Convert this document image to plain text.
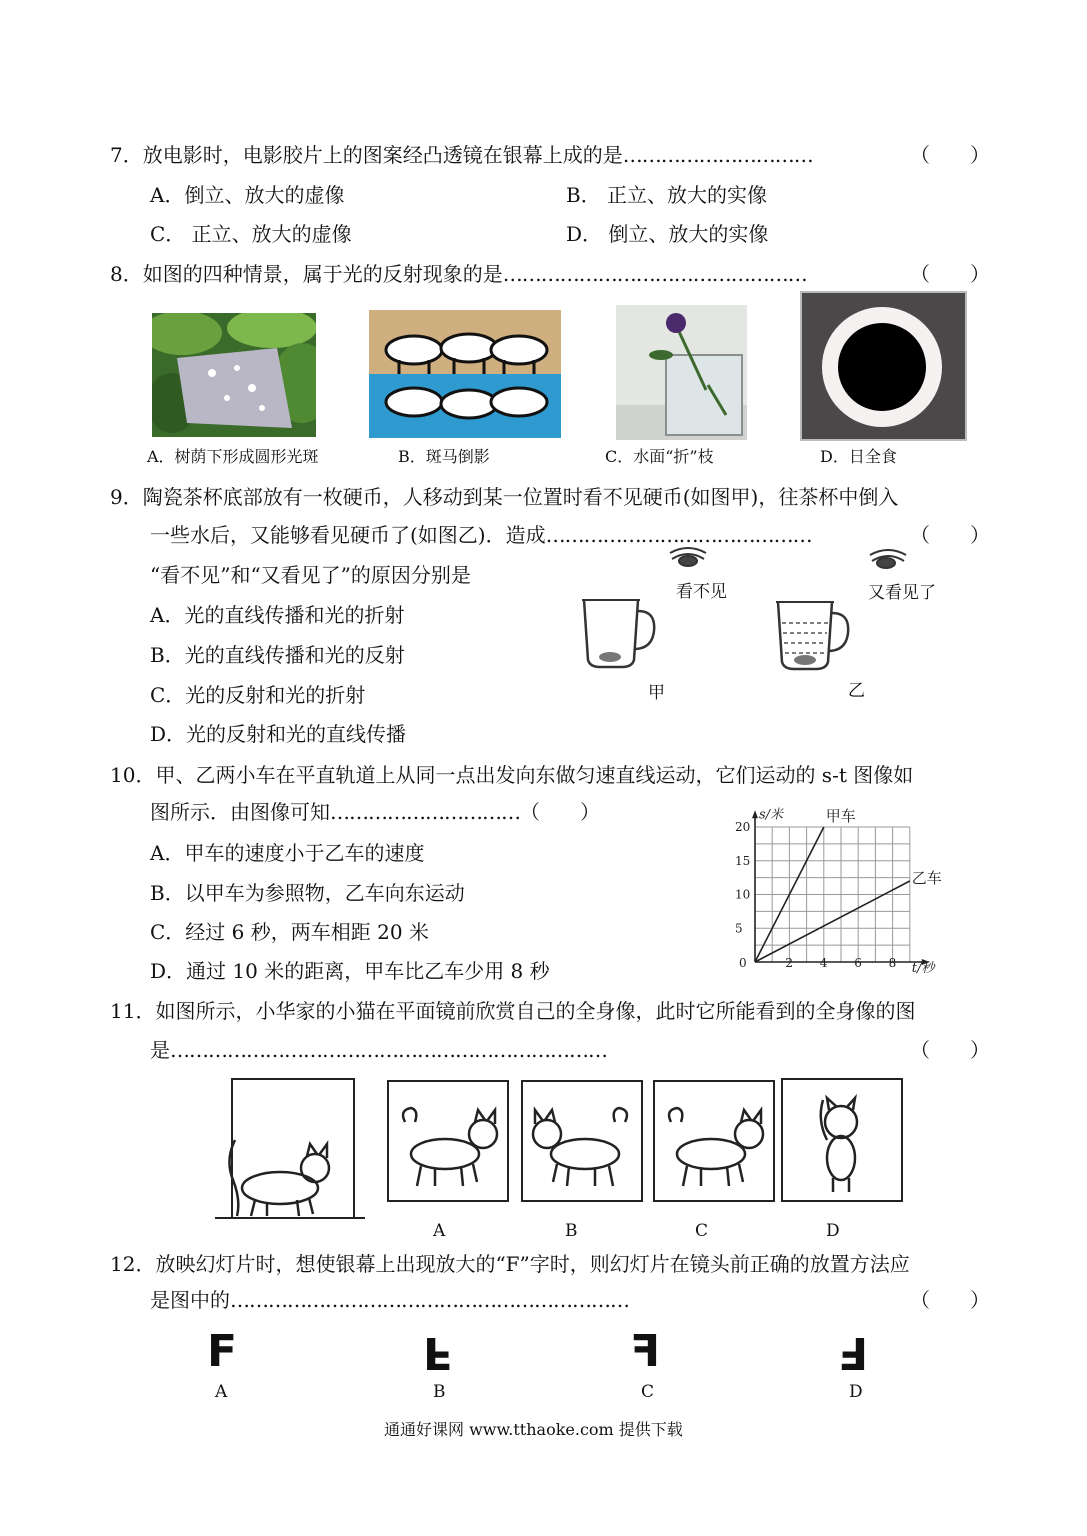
7．放电影时，电影胶片上的图案经凸透镜在银幕上成的是…………………………	（　　）
A．倒立、放大的虚像	B． 正立、放大的实像
C． 正立、放大的虚像	D． 倒立、放大的实像
8．如图的四种情景，属于光的反射现象的是…………………………………………	（　　）
A．树荫下形成圆形光斑	B．斑马倒影	C．水面“折”枝	D．日全食
9．陶瓷茶杯底部放有一枚硬币，人移动到某一位置时看不见硬币(如图甲)，往茶杯中倒入
一些水后，又能够看见硬币了(如图乙)．造成……………………………………	（　　）
“看不见”和“又看见了”的原因分别是
A．光的直线传播和光的折射
B．光的直线传播和光的反射
C．光的反射和光的折射
D．光的反射和光的直线传播
看不见	又看见了
甲	乙
10．甲、乙两小车在平直轨道上从同一点出发向东做匀速直线运动，它们运动的 s-t 图像如
图所示．由图像可知…………………………（　　）
A．甲车的速度小于乙车的速度
B．以甲车为参照物，乙车向东运动
C．经过 6 秒，两车相距 20 米
D．通过 10 米的距离，甲车比乙车少用 8 秒	0	2 4 6 8
5
10
15
20
s/米
t/秒
甲车
乙车
11．如图所示，小华家的小猫在平面镜前欣赏自己的全身像，此时它所能看到的全身像的图
是……………………………………………………………	（　　）
A	B	C	D
12．放映幻灯片时，想使银幕上出现放大的“F”字时，则幻灯片在镜头前正确的放置方法应
是图中的………………………………………………………	（　　）
F	F	F	F
A	B	C	D
通通好课网 www.tthaoke.com 提供下载
